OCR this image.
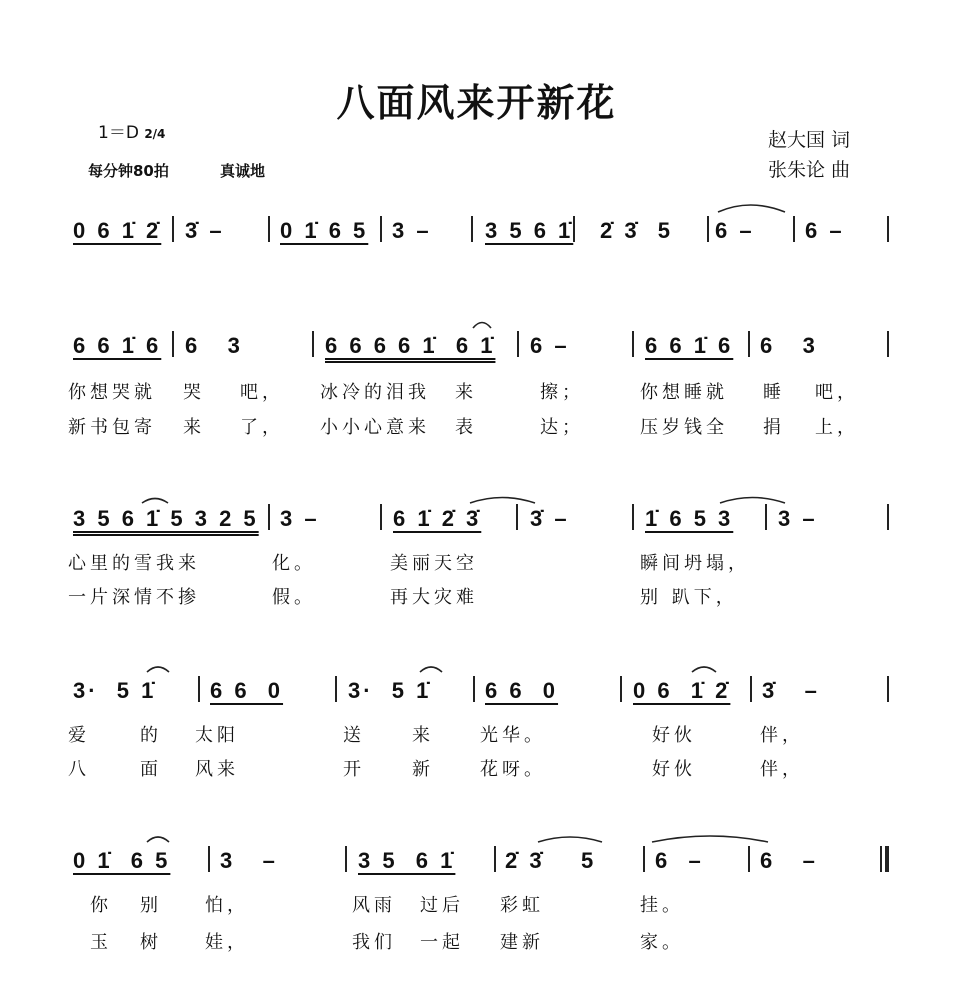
八面风来开新花
1＝D 2/4
每分钟80拍	真诚地
赵大国 词
张朱论 曲
0 6 1̇ 2̇ 3̇ –	0 1̇ 6 5 3 – 3 5 6 1̇ 2̇ 3̇  5 6 – 6 –
6 6 1̇ 6 6   3	6 6 6 6 1̇  6 1̇ 6 –	6 6 1̇ 6 6   3
你想哭就 哭 吧， 冰冷的泪我 来	擦；	你想睡就 睡 吧，
新书包寄 来 了， 小小心意来 表	达；	压岁钱全 捐 上，
3 5 6 1̇ 5 3 2 5 3 –	6 1̇ 2̇ 3̇ 3̇ –	1̇ 6 5 3 3 –
心里的雪我来	化。	美丽天空	瞬间坍塌，
一片深情不掺	假。	再大灾难	别 趴下，
3·  5 1̇ 6 6  0	3·  5 1̇ 6 6  0	0 6  1̇ 2̇ 3̇   –
爱	的 太阳	送	来	光华。	好伙	伴，
八	面 风来	开	新	花呀。	好伙	伴，
0 1̇  6 5 3   –	3 5  6 1̇ 2̇ 3̇    5	6  –	6   –
你 别 怕，	风雨 过后 彩虹	挂。
玉 树 娃，	我们 一起 建新	家。
